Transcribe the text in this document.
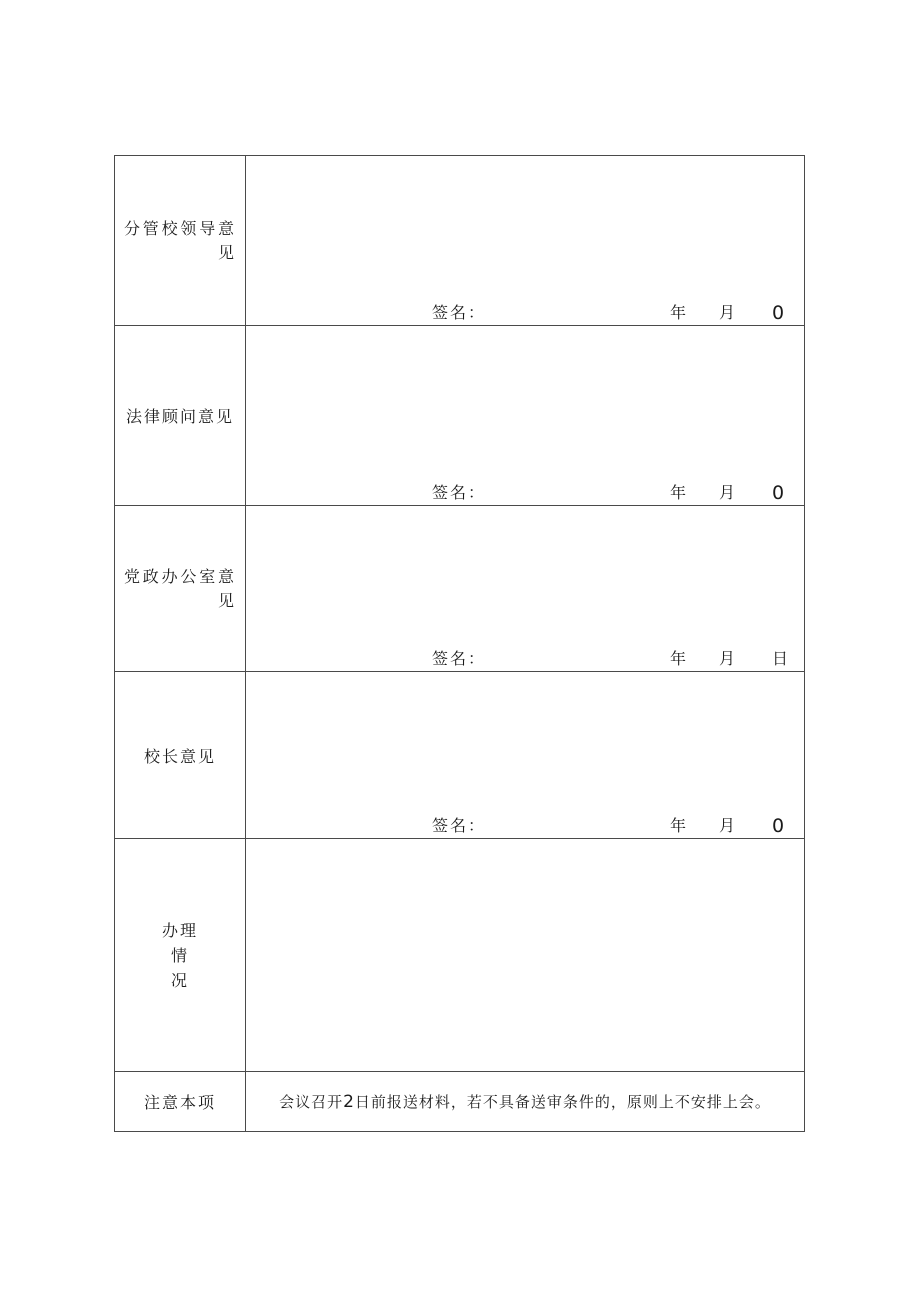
分管校领导意见	签名： 年 月 0

法律顾问意见	签名： 年 月 0

党政办公室意见	签名： 年 月 日

校长意见	签名： 年 月 0

办理
情
况	

注意本项	会议召开2日前报送材料，若不具备送审条件的，原则上不安排上会。
